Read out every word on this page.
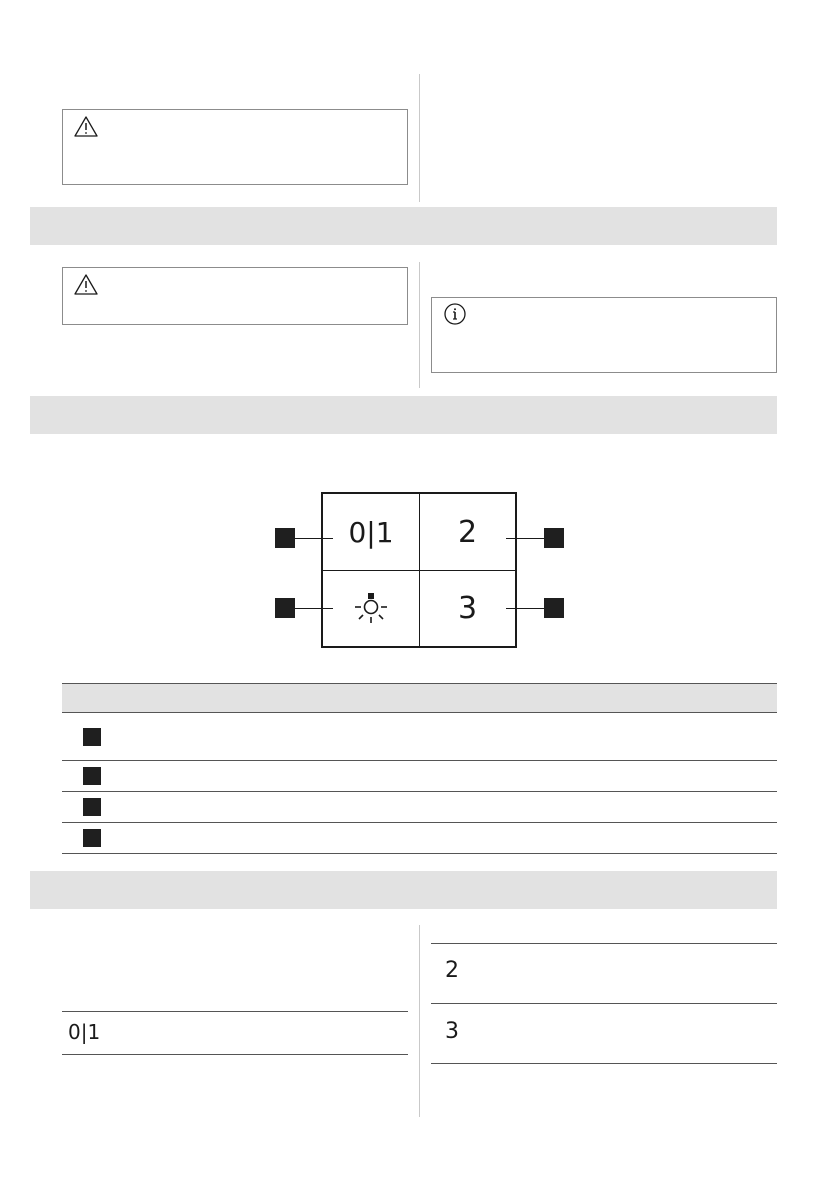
0|1 2
3
0|1
2
3
